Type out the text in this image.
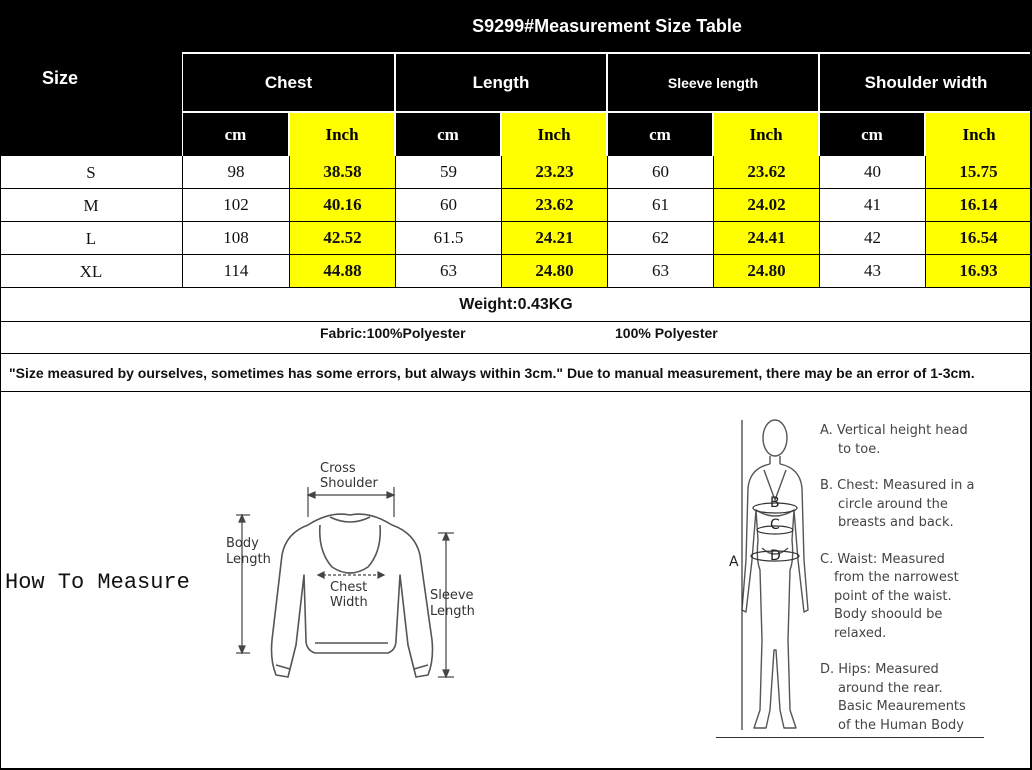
Size
S9299#Measurement Size Table
Chest	Length	Sleeve length	Shoulder width
cm	Inch	cm	Inch	cm	Inch	cm	Inch
S	98	38.58	59	23.23	60	23.62	40	15.75
M	102	40.16	60	23.62	61	24.02	41	16.14
L	108	42.52	61.5	24.21	62	24.41	42	16.54
XL	114	44.88	63	24.80	63	24.80	43	16.93
Weight:0.43KG
Fabric:100%Polyester	100% Polyester
"Size measured by ourselves, sometimes has some errors, but always within 3cm." Due to manual measurement, there may be an error of 1-3cm.
How To Measure
Cross
Shoulder
Body
Length
Chest
Width	Sleeve
Length
A
B
C
D
A. Vertical height head
to toe.
B. Chest: Measured in a
circle around the
breasts and back.
C. Waist: Measured
from the narrowest
point of the waist.
Body shoould be
relaxed.
D. Hips: Measured
around the rear.
Basic Meaurements
of the Human Body
